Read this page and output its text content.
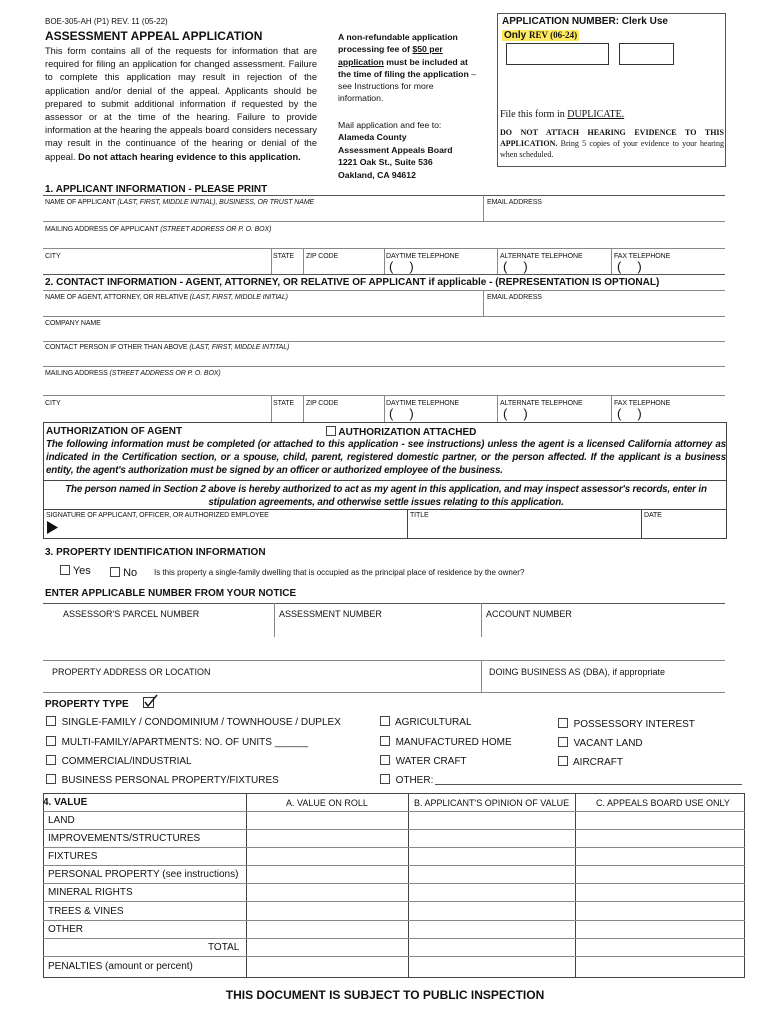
BOE-305-AH (P1) REV. 11 (05-22)
ASSESSMENT APPEAL APPLICATION
This form contains all of the requests for information that are required for filing an application for changed assessment. Failure to complete this application may result in rejection of the application and/or denial of the appeal. Applicants should be prepared to submit additional information if requested by the assessor or at the time of the hearing. Failure to provide information at the hearing the appeals board considers necessary may result in the continuance of the hearing or denial of the appeal. Do not attach hearing evidence to this application.
A non-refundable application processing fee of $50 per application must be included at the time of filing the application – see Instructions for more information.
Mail application and fee to:
Alameda County
Assessment Appeals Board
1221 Oak St., Suite 536
Oakland, CA 94612
APPLICATION NUMBER: Clerk Use
Only REV (06-24)
File this form in DUPLICATE.
DO NOT ATTACH HEARING EVIDENCE TO THIS APPLICATION. Bring 5 copies of your evidence to your hearing when scheduled.
1. APPLICANT INFORMATION - PLEASE PRINT
NAME OF APPLICANT (LAST, FIRST, MIDDLE INITIAL), BUSINESS, OR TRUST NAME	EMAIL ADDRESS
MAILING ADDRESS OF APPLICANT (STREET ADDRESS OR P. O. BOX)
CITY	STATE ZIP CODE	DAYTIME TELEPHONE
()
ALTERNATE TELEPHONE
()
FAX TELEPHONE
()
2. CONTACT INFORMATION - AGENT, ATTORNEY, OR RELATIVE OF APPLICANT if applicable - (REPRESENTATION IS OPTIONAL)
NAME OF AGENT, ATTORNEY, OR RELATIVE (LAST, FIRST, MIDDLE INITIAL)	EMAIL ADDRESS
COMPANY NAME
CONTACT PERSON IF OTHER THAN ABOVE (LAST, FIRST, MIDDLE INTITAL)
MAILING ADDRESS (STREET ADDRESS OR P. O. BOX)
CITY	STATE ZIP CODE	DAYTIME TELEPHONE
()
ALTERNATE TELEPHONE
()
FAX TELEPHONE
()
AUTHORIZATION OF AGENT	AUTHORIZATION ATTACHED
The following information must be completed (or attached to this application - see instructions) unless the agent is a licensed California attorney as indicated in the Certification section, or a spouse, child, parent, registered domestic partner, or the person affected. If the applicant is a business entity, the agent's authorization must be signed by an officer or authorized employee of the business.
The person named in Section 2 above is hereby authorized to act as my agent in this application, and may inspect assessor's records, enter in stipulation agreements, and otherwise settle issues relating to this application.
SIGNATURE OF APPLICANT, OFFICER, OR AUTHORIZED EMPLOYEE	TITLE	DATE
3. PROPERTY IDENTIFICATION INFORMATION
Yes	No Is this property a single-family dwelling that is occupied as the principal place of residence by the owner?
ENTER APPLICABLE NUMBER FROM YOUR NOTICE
ASSESSOR'S PARCEL NUMBER	ASSESSMENT NUMBER	ACCOUNT NUMBER
PROPERTY ADDRESS OR LOCATION	DOING BUSINESS AS (DBA), if appropriate
PROPERTY TYPE
SINGLE-FAMILY / CONDOMINIUM / TOWNHOUSE / DUPLEX
MULTI-FAMILY/APARTMENTS: NO. OF UNITS ______
COMMERCIAL/INDUSTRIAL
BUSINESS PERSONAL PROPERTY/FIXTURES
AGRICULTURAL
MANUFACTURED HOME
WATER CRAFT
OTHER:
POSSESSORY INTEREST
VACANT LAND
AIRCRAFT
4. VALUE	A. VALUE ON ROLL	B. APPLICANT'S OPINION OF VALUE	C. APPEALS BOARD USE ONLY
LAND
IMPROVEMENTS/STRUCTURES
FIXTURES
PERSONAL PROPERTY (see instructions)
MINERAL RIGHTS
TREES & VINES
OTHER
TOTAL
PENALTIES (amount or percent)
THIS DOCUMENT IS SUBJECT TO PUBLIC INSPECTION
